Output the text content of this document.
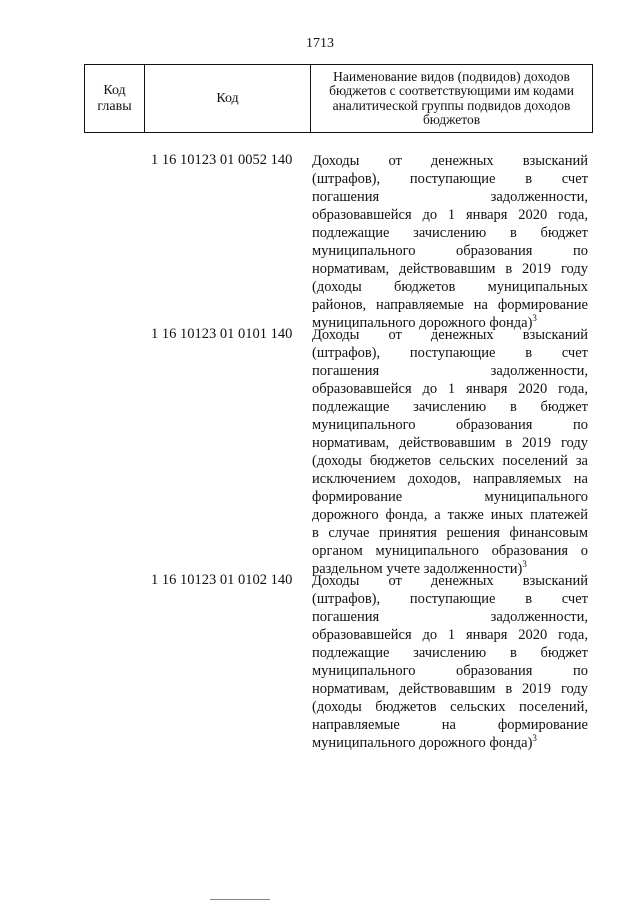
1713
Код главы
Код
Наименование видов (подвидов) доходов бюджетов с соответствующими им кодами аналитической группы подвидов доходов бюджетов
1 16 10123 01 0052 140 Доходы от денежных взысканий
(штрафов), поступающие в счет
погашения задолженности,
образовавшейся до 1 января 2020 года,
подлежащие зачислению в бюджет
муниципального образования по
нормативам, действовавшим в 2019 году
(доходы бюджетов муниципальных
районов, направляемые на формирование
муниципального дорожного фонда)$^3$
1 16 10123 01 0101 140 Доходы от денежных взысканий
(штрафов), поступающие в счет
погашения задолженности,
образовавшейся до 1 января 2020 года,
подлежащие зачислению в бюджет
муниципального образования по
нормативам, действовавшим в 2019 году
(доходы бюджетов сельских поселений за
исключением доходов, направляемых на
формирование муниципального
дорожного фонда, а также иных платежей
в случае принятия решения финансовым
органом муниципального образования о
раздельном учете задолженности)$^3$
1 16 10123 01 0102 140 Доходы от денежных взысканий
(штрафов), поступающие в счет
погашения задолженности,
образовавшейся до 1 января 2020 года,
подлежащие зачислению в бюджет
муниципального образования по
нормативам, действовавшим в 2019 году
(доходы бюджетов сельских поселений,
направляемые на формирование
муниципального дорожного фонда)$^3$
